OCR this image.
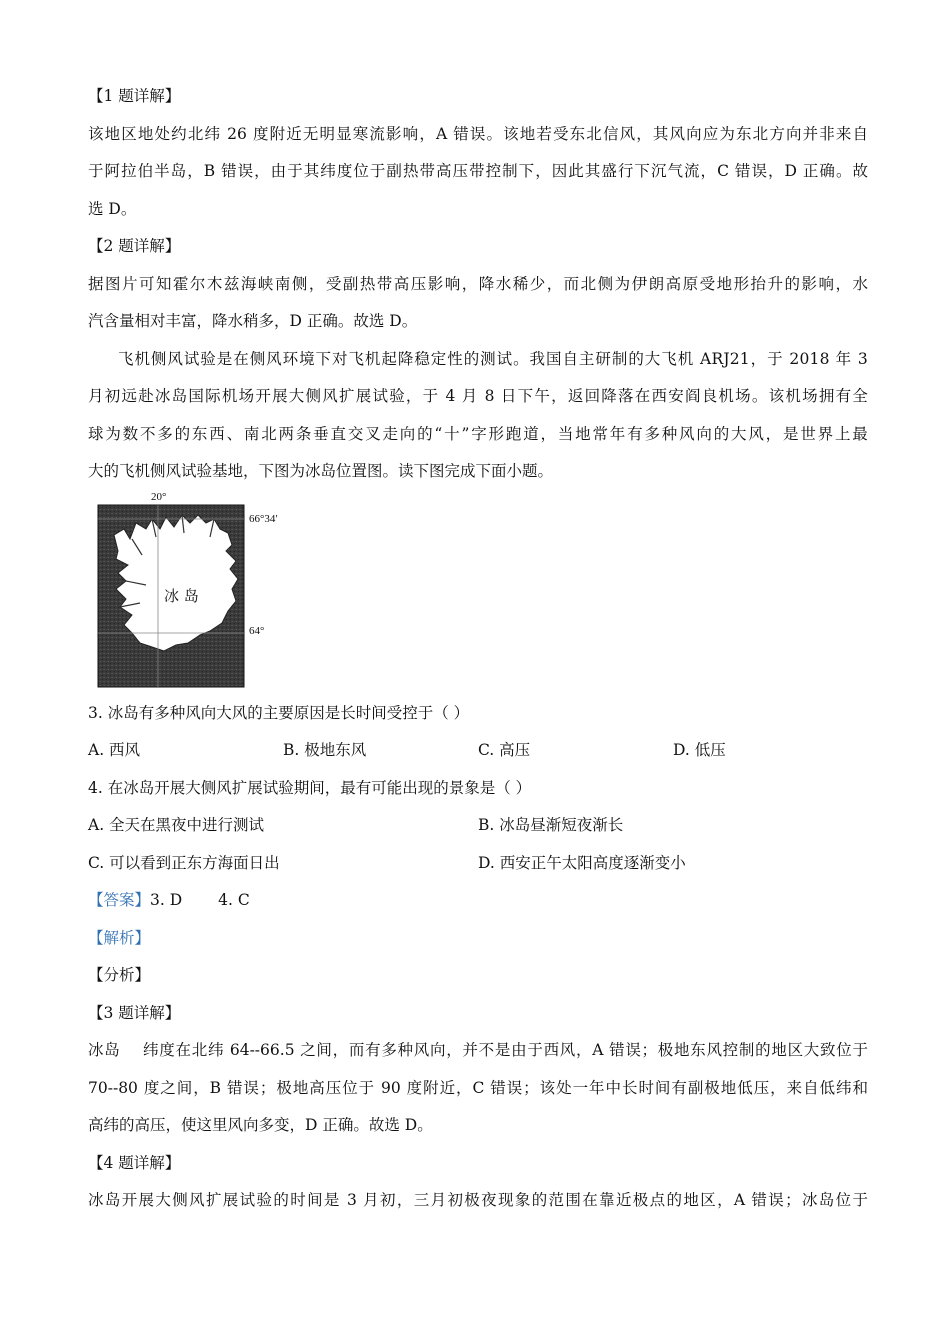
【1 题详解】
该地区地处约北纬 26 度附近无明显寒流影响，A 错误。该地若受东北信风，其风向应为东北方向并非来自
于阿拉伯半岛，B 错误，由于其纬度位于副热带高压带控制下，因此其盛行下沉气流，C 错误，D 正确。故
选 D。
【2 题详解】
据图片可知霍尔木兹海峡南侧，受副热带高压影响，降水稀少，而北侧为伊朗高原受地形抬升的影响，水
汽含量相对丰富，降水稍多，D 正确。故选 D。
飞机侧风试验是在侧风环境下对飞机起降稳定性的测试。我国自主研制的大飞机 ARJ21，于 2018 年 3
月初远赴冰岛国际机场开展大侧风扩展试验，于 4 月 8 日下午，返回降落在西安阎良机场。该机场拥有全
球为数不多的东西、南北两条垂直交叉走向的“十”字形跑道，当地常年有多种风向的大风，是世界上最
大的飞机侧风试验基地，下图为冰岛位置图。读下图完成下面小题。
20°
66°34′
64°
冰 岛
3. 冰岛有多种风向大风的主要原因是长时间受控于（ ）
A. 西风	B. 极地东风	C. 高压	D. 低压
4. 在冰岛开展大侧风扩展试验期间，最有可能出现的景象是（ ）
A. 全天在黑夜中进行测试	B. 冰岛昼渐短夜渐长
C. 可以看到正东方海面日出	D. 西安正午太阳高度逐渐变小
【答案】3. D 4. C
【解析】
【分析】
【3 题详解】
冰岛    纬度在北纬 64--66.5 之间，而有多种风向，并不是由于西风，A 错误；极地东风控制的地区大致位于
70--80 度之间，B 错误；极地高压位于 90 度附近，C 错误；该处一年中长时间有副极地低压，来自低纬和
高纬的高压，使这里风向多变，D 正确。故选 D。
【4 题详解】
冰岛开展大侧风扩展试验的时间是 3 月初，三月初极夜现象的范围在靠近极点的地区，A 错误；冰岛位于
